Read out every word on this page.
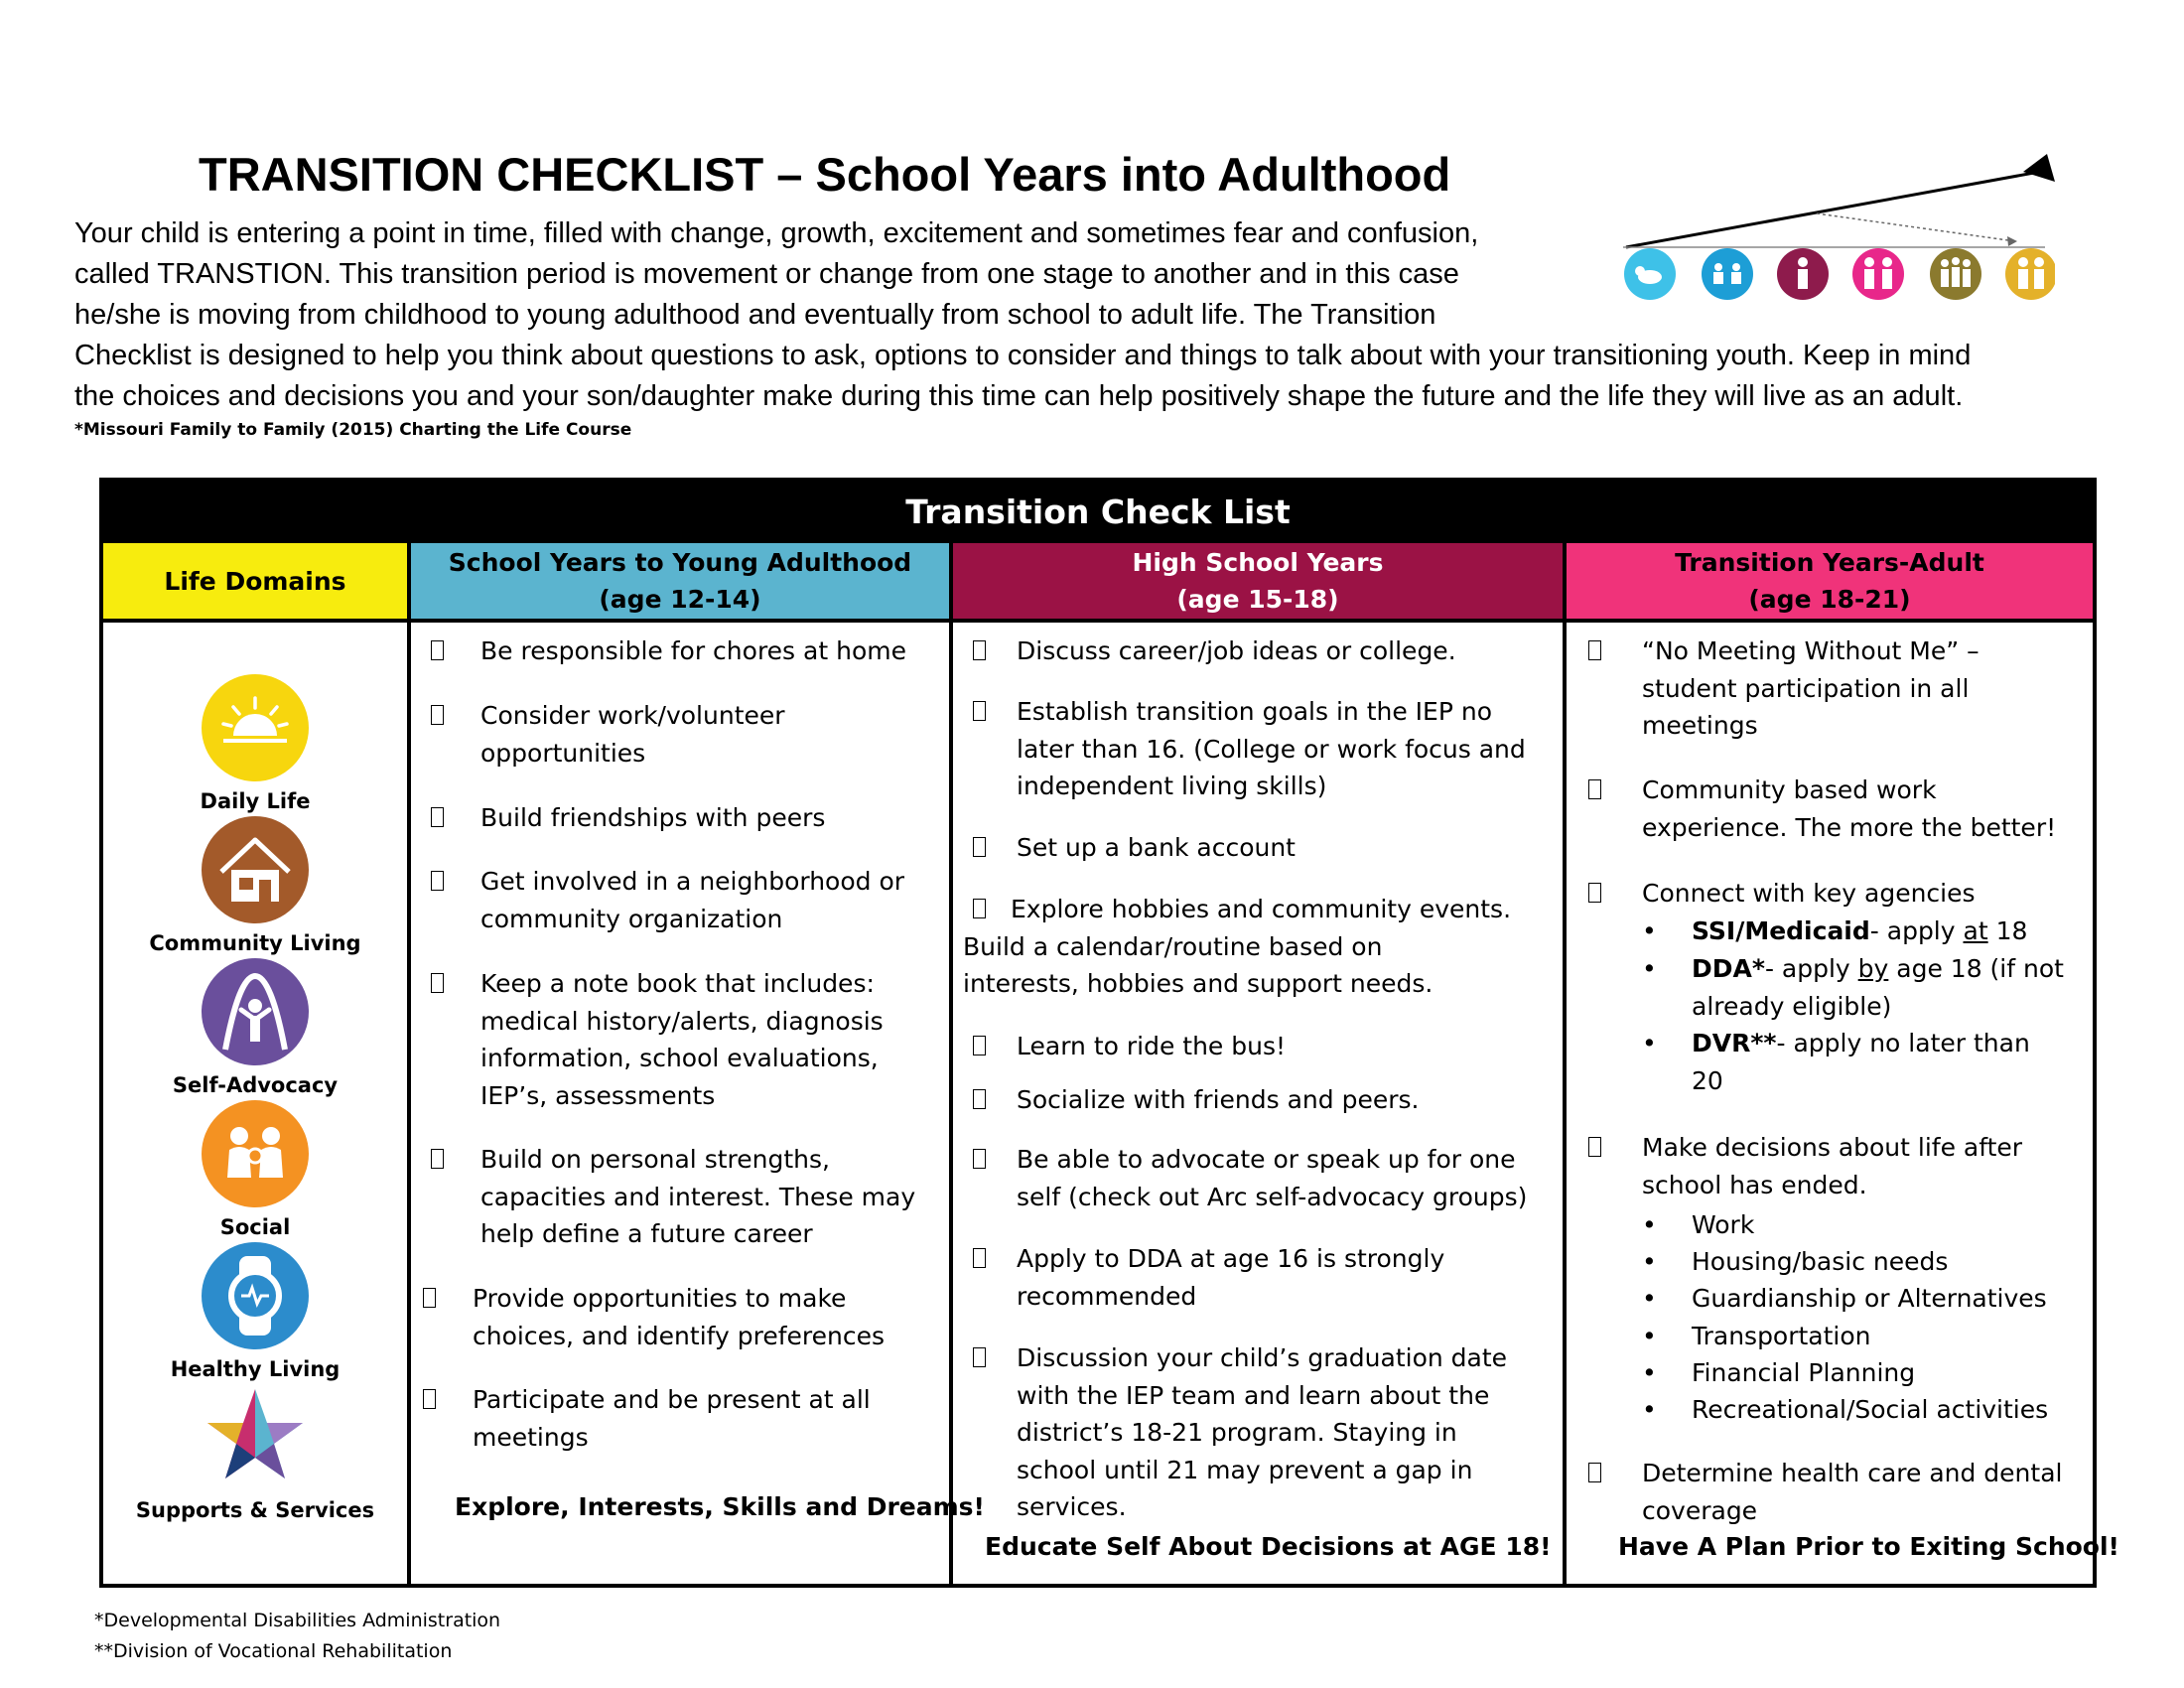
TRANSITION CHECKLIST – School Years into Adulthood
Your child is entering a point in time, filled with change, growth, excitement and sometimes fear and confusion,
called TRANSTION. This transition period is movement or change from one stage to another and in this case
he/she is moving from childhood to young adulthood and eventually from school to adult life. The Transition
Checklist is designed to help you think about questions to ask, options to consider and things to talk about with your transitioning youth. Keep in mind
the choices and decisions you and your son/daughter make during this time can help positively shape the future and the life they will live as an adult.
*Missouri Family to Family (2015) Charting the Life Course
Transition Check List
Life Domains
School Years to Young Adulthood
(age 12-14)
High School Years
(age 15-18)
Transition Years-Adult
(age 18-21)
Daily Life
Community Living
Self-Advocacy
Social
Healthy Living
Supports & Services
Be responsible for chores at home
Consider work/volunteer
opportunities
Build friendships with peers
Get involved in a neighborhood or
community organization
Keep a note book that includes:
medical history/alerts, diagnosis
information, school evaluations,
IEP’s, assessments
Build on personal strengths,
capacities and interest. These may
help define a future career
Provide opportunities to make
choices, and identify preferences
Participate and be present at all
meetings
Explore, Interests, Skills and Dreams!
Discuss career/job ideas or college.
Establish transition goals in the IEP no
later than 16. (College or work focus and
independent living skills)
Set up a bank account
Explore hobbies and community events.
Build a calendar/routine based on
interests, hobbies and support needs.
Learn to ride the bus!
Socialize with friends and peers.
Be able to advocate or speak up for one
self (check out Arc self-advocacy groups)
Apply to DDA at age 16 is strongly
recommended
Discussion your child’s graduation date
with the IEP team and learn about the
district’s 18-21 program. Staying in
school until 21 may prevent a gap in
services.
Educate Self About Decisions at AGE 18!
“No Meeting Without Me” –
student participation in all
meetings
Community based work
experience. The more the better!
Connect with key agencies
• SSI/Medicaid- apply at 18
• DDA*- apply by age 18 (if not
already eligible)
• DVR**- apply no later than
20
Make decisions about life after
school has ended.
• Work
• Housing/basic needs
• Guardianship or Alternatives
• Transportation
• Financial Planning
• Recreational/Social activities
Determine health care and dental
coverage
Have A Plan Prior to Exiting School!
*Developmental Disabilities Administration
**Division of Vocational Rehabilitation
